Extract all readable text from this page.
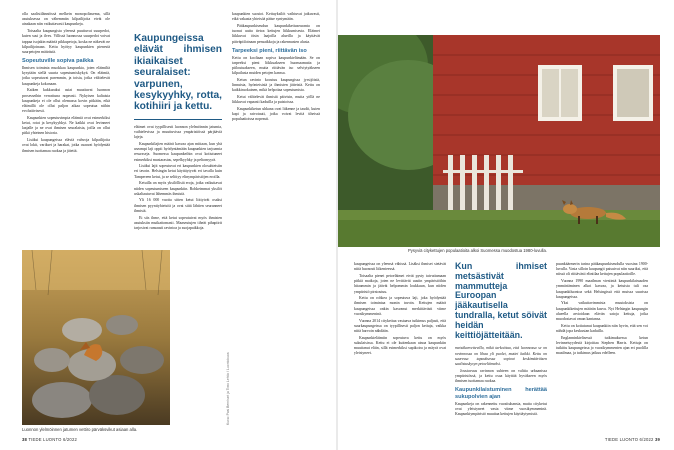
olla saalistilännöissä melkein monopoliasema, sillä asutuksessa on vähemmän kilpailijoita eivät ole ainakaan niin vaikuttavasti kaupunkeja.

Toisaalta kaupungista yleensä puuttuvat suurpedot, kuten susi ja ilves. Villissä luonnossa suurpedot voivat tappaa isojakin määriä pikkupetoja, koska ne näkevät ne kilpailijoinaan. Kettu hyötyy kaupunkien pienestä suurpetojen määrästä.

Sopeutuville sopiva paikka

Ihmisen toiminta muokkaa kaupunkia, joten eläimiltä kysytään siellä suurta sopeutumiskykyä. On eläimiä, jotka sopeutuvat paremmin, ja toisia, jotka välttelevät kaupunkeja kokonaan.

Kaiken kukkuraksi asiat muuttuvat luonnon prosesseihin verrattuna nopeasti. Nykyisen kaltaisia kaupunkeja ei ole ollut olemassa kovin pitkään, eikä eläimillä ole ollut paljon aikaa sopeutua niihin evolutiivisesti.

Kaupunkien sopeutuvimpia eläimiä ovat esimerkiksi ketut, rotat ja kesykyyhkyt. Ne kaikki ovat levinneet laajalle ja ne ovat ihmisen seuralaisia, joilla on ollut pitkä yhteinen historia.

Lisäksi kaupungeissa eläviä vahvoja kilpailijoita ovat lokit, varikset ja harakat, jotka osaavat hyödyntää ihmisen tuottamaa ruokaa ja jätettä.

Luonnon ylelmöinnen jatumen vettiro pärväksvikut asiaan alla.
Kaupungeissa elävät ihmisen ikiaikaiset seuralaiset: varpunen, kesykyyhky, rotta, kotihiiri ja kettu.

eläimet ovat tyypillisesti luonnon ylelmöinnin jatumia, vaihtelevissa ja muuttuvissa ympäristöissä pärjääviä lajeja.

Kaupunkilajien määrä kasvaa ajan mittaan, kun yhä useampi laji oppii hyödyntämään kaupunkien tarjoamia resursseja. Suomessa kaupunkeihin ovat kotiutuneet esimerkiksi mustarastas, sepelkyyhky ja peltomyyrä.

Lisäksi lajit sopeutuvat eri kaupunkien olosuhteisiin eri tavoin. Helsingin ketut käyttäytyvät eri tavalla kuin Tampereen ketut, ja se selittyy elinympäristöjen eroilla.

Ketuilla on myös yksilöllisiä eroja, jotka vaikuttavat niiden sopeutumiseen kaupunkiin. Rohkeimmat yksilöt uskaltautuvat lähemmäs ihmistä.

Yli 16 000 vuotta sitten ketut liittyivät osaksi ihmisen pyyntiyhteisöä ja ovat siitä lähtien seuranneet ihmistä.

Ei siis ihme, että ketut sopeutuivat myös ihmisten asutuksiin mutkattomasti. Maaseutujen tiheät pihapiirit tarjosivat runsaasti ravintoa ja suojapaikkoja.

kaupunkien suosiot. Kettuyksilöt vaihtuvat jatkuvasti, eikä vakaata yhteisöä pääse syntymään.

Pääkaupunkiseudun kaupunkikettuseuranta on tuonut uutta tietoa kettujen liikkumisesta. Eläimet liikkuvat öisin laajoilla alueilla ja käyttävät päiväpiiloinaan pensaikkoja ja rakennusten alusia.

Tarpeeksi pieni, riittävän iso

Kettu on kooltaan sopiva kaupunkielämään. Se on tarpeeksi pieni liikkuakseen huomaamatta ja piiloutuakseen, mutta riittävän iso selviytyäkseen kilpailusta muiden petojen kanssa.

Ketun ravinto koostuu kaupungissa jyrsijöistä, linnuista, hyönteisistä ja ihmisten jätteistä. Kettu on kaikkiruokainen, mikä helpottaa sopeutumista.

Ketut välttelevät ihmisiä päivisin, mutta yöllä ne liikkuvat vapaasti kaduilla ja puistoissa.

Kaupunkiketun uhkana ovat liikenne ja taudit, kuten kapi ja raivotauti, jotka voivat levitä tiheissä populaatioissa nopeasti.

Kuva: Pasi Bernhart ja Timo Lehtio / Luontokuva
38 TIEDE LUONTO 6/2022
Pysyviä citykettujen populaatioita alkoi Suomessa muodostua 1980-luvulla.

kaupungeissa on yleensä vähissä. Lisäksi ihmiset sietävät niitä huonosti liikenteessä.

Toisaalta pienet petoeläimet eivät pysty taivuttamaan pitkiä matkoja, joten ne levittävät uusiin ympäristöihin hitaammin ja jäävät helpommin loukkuun, kun niiden ympäristö pirstoutuu.

Kettu on rohkea ja sopeutuva laji, joka hyödyntää ihmisen toimintaa monin tavoin. Kettujen määrä kaupungeissa onkin kasvanut merkittävästi viime vuosikymmeninä.

Vuonna 2014 citykettua vastaava tutkimus paljasti, että suurkaupungeissa on tyypillisesti paljon kettuja, vaikka niitä harvoin nähdään.

Kaupunkieläimiin sopeutuva kettu on myös sukulaisissa. Kettu ei ole kuitenkaan ainoa kaupunkiin muuttanut eläin, sillä esimerkiksi supikoira ja mäyrä ovat yleistyneet.

Kun ihmiset metsästivät mammutteja Euroopan jääkautisella tundralla, ketut söivät heidän keittiöjätteitään.

metsäkarvettevilla, mikä tarkoittaa, että luonnossa se on ravinnossa on lihaa yli puolet, muttei kaikki. Kettu on suuressa tapauksessa sopivat keskimääräisen saalistuskyvyn petoeläimeksi.

Joustavuus ravinnon suhteen on valttia urbaanissa ympäristössä, ja kettu osaa käyttää hyväkseen myös ihmisen tuottamaa ruokaa.

Kaupunkilaistuminen herättää sukupolvien ajan

Kaupunkeja on rakennettu vuosituhansia, mutta cityketut ovat yleistyneet vasta viime vuosikymmeninä. Kaupunkiympäristö muuttaa kettujen käyttäytymistä.

puunkäärmerin tarina pääkaupunkiseudulla vuosina 1900-luvulla. Vasta silloin kaupungit paisuivat niin suuriksi, että niissä oli riittävästi elintilaa kettujen populaatioille.

Vuonna 1990 maailman viestintä kaupunkilaisuuden ymmärtäminen alkoi kasvaa, ja ketuista tuli osa kaupunkiluontoa sekä Helsingissä että muissa suurissa kaupungeissa.

Yksi vaikuttavimmista muutoksista on kaupunkikettujen määrän kasvu. Nyt Helsingin kaupungin alueella arvioidaan elävän satoja kettuja, jotka muodostavat oman kantansa.

Kettu on kotiutunut kaupunkiin niin hyvin, että sen voi nähdä jopa keskustan kaduilla.

Englanninkielisessä tutkimuksessa ketun levinneisyydestä kirjoittaa Stephen Harris. Kettuja on tutkittu kaupungeissa jo vuosikymmenten ajan eri puolilla maailmaa, ja tutkimus jatkuu edelleen.

TIEDE LUONTO 6/2022 39
